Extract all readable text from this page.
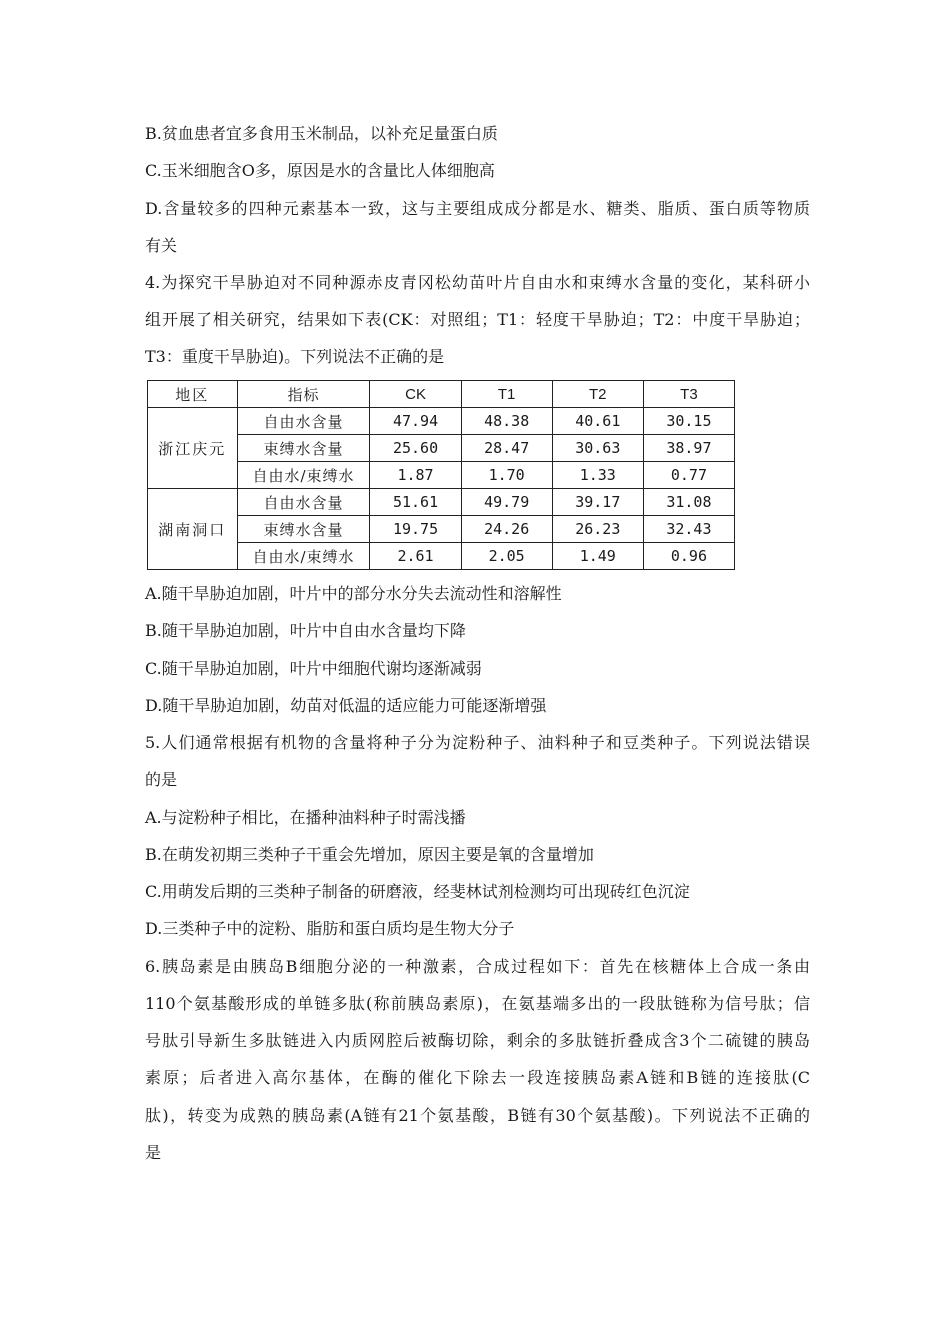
B.贫血患者宜多食用玉米制品，以补充足量蛋白质
C.玉米细胞含O多，原因是水的含量比人体细胞高
D.含量较多的四种元素基本一致，这与主要组成成分都是水、糖类、脂质、蛋白质等物质
有关
4.为探究干旱胁迫对不同种源赤皮青冈松幼苗叶片自由水和束缚水含量的变化，某科研小
组开展了相关研究，结果如下表(CK：对照组；T1：轻度干旱胁迫；T2：中度干旱胁迫；
T3：重度干旱胁迫)。下列说法不正确的是
地区	指标	CK	T1	T2	T3
浙江庆元	自由水含量	47.94	48.38	40.61	30.15
	束缚水含量	25.60	28.47	30.63	38.97
	自由水/束缚水	1.87	1.70	1.33	0.77
湖南洞口	自由水含量	51.61	49.79	39.17	31.08
	束缚水含量	19.75	24.26	26.23	32.43
	自由水/束缚水	2.61	2.05	1.49	0.96
A.随干旱胁迫加剧，叶片中的部分水分失去流动性和溶解性
B.随干旱胁迫加剧，叶片中自由水含量均下降
C.随干旱胁迫加剧，叶片中细胞代谢均逐渐减弱
D.随干旱胁迫加剧，幼苗对低温的适应能力可能逐渐增强
5.人们通常根据有机物的含量将种子分为淀粉种子、油料种子和豆类种子。下列说法错误
的是
A.与淀粉种子相比，在播种油料种子时需浅播
B.在萌发初期三类种子干重会先增加，原因主要是氧的含量增加
C.用萌发后期的三类种子制备的研磨液，经斐林试剂检测均可出现砖红色沉淀
D.三类种子中的淀粉、脂肪和蛋白质均是生物大分子
6.胰岛素是由胰岛B细胞分泌的一种激素，合成过程如下：首先在核糖体上合成一条由
110个氨基酸形成的单链多肽(称前胰岛素原)，在氨基端多出的一段肽链称为信号肽；信
号肽引导新生多肽链进入内质网腔后被酶切除，剩余的多肽链折叠成含3个二硫键的胰岛
素原；后者进入高尔基体，在酶的催化下除去一段连接胰岛素A链和B链的连接肽(C
肽)，转变为成熟的胰岛素(A链有21个氨基酸，B链有30个氨基酸)。下列说法不正确的
是
